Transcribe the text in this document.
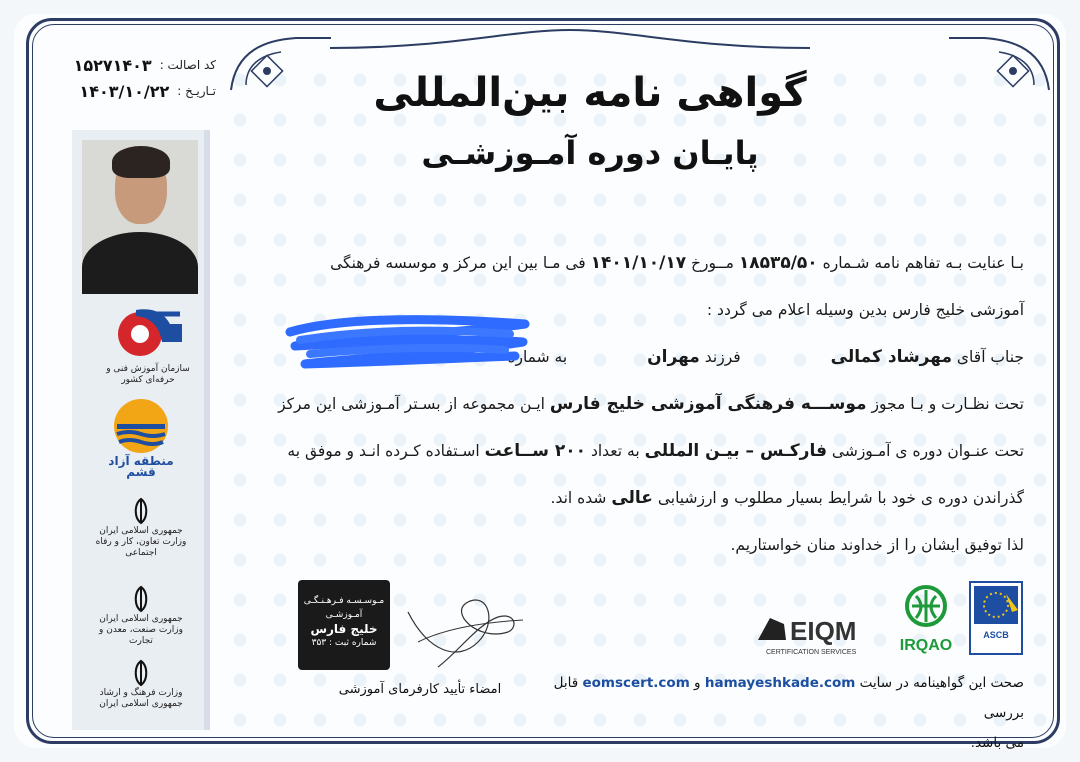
کد اصالت :
۱۵۲۷۱۴۰۳
تـاریـخ :
۱۴۰۳/۱۰/۲۲
سازمان آموزش فنی و حرفه‌ای کشور
منطقه آزاد قشم
جمهوری اسلامی ایران
وزارت تعاون، کار و رفاه اجتماعی
جمهوری اسلامی ایران
وزارت صنعت، معدن و تجارت
وزارت فرهنگ و ارشاد
جمهوری اسلامی ایران
گواهی نامه بین‌المللی
پایـان دوره آمـوزشـی

بـا عنایت بـه تفاهم نامه شـماره ۱۸۵۳۵/۵۰ مــورخ ۱۴۰۱/۱۰/۱۷ فی مـا بین این مرکز و موسسه فرهنگی

آموزشی خلیج فارس بدین وسیله اعلام می گردد :

جناب آقای مهرشاد کمالیفرزند مهرانبه شماره

تحت نظـارت و بـا مجوز موســـه فرهنگی آموزشی خلیج فارس ایـن مجموعه از بسـتر آمـوزشی این مرکز

تحت عنـوان دوره ی آمـوزشی فارکـس – بیـن المللی به تعداد ۲۰۰ ســاعت اسـتفاده کـرده انـد و موفق به

گذراندن دوره ی خود با شرایط بسیار مطلوب و ارزشیابی عالی شده اند.

لذا توفیق ایشان را از خداوند منان خواستاریم.

مـوسـسـه فـرهـنـگـی آمـوزشـی
خلیج فارس
شماره ثبت : ۳۵۳
امضاء تأیید کارفرمای آموزشی
EIQM
CERTIFICATION SERVICES	IRQAO
ASCB
صحت این گواهینامه در سایت hamayeshkade.com و eomscert.com قابل بررسی
می باشد.
